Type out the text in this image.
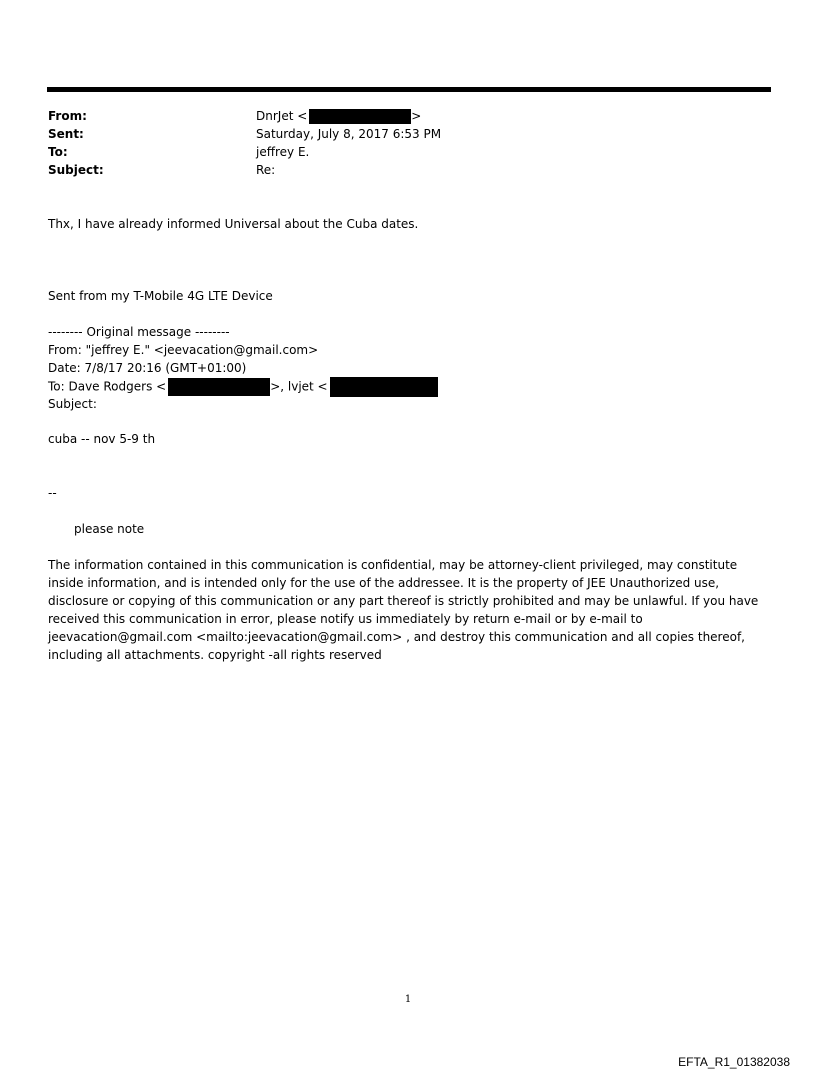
From:	DnrJet <	>
Sent:	Saturday, July 8, 2017 6:53 PM
To:	jeffrey E.
Subject:	Re:
Thx, I have already informed Universal about the Cuba dates.
Sent from my T-Mobile 4G LTE Device
-------- Original message --------
From: "jeffrey E." <jeevacation@gmail.com>
Date: 7/8/17 20:16 (GMT+01:00)
To: Dave Rodgers <	>, lvjet <
Subject:
cuba -- nov 5-9 th
--
please note
The information contained in this communication is confidential, may be attorney-client privileged, may constitute inside information, and is intended only for the use of the addressee. It is the property of JEE Unauthorized use, disclosure or copying of this communication or any part thereof is strictly prohibited and may be unlawful. If you have received this communication in error, please notify us immediately by return e-mail or by e-mail to jeevacation@gmail.com <mailto:jeevacation@gmail.com> , and destroy this communication and all copies thereof, including all attachments. copyright -all rights reserved
1
EFTA_R1_01382038
